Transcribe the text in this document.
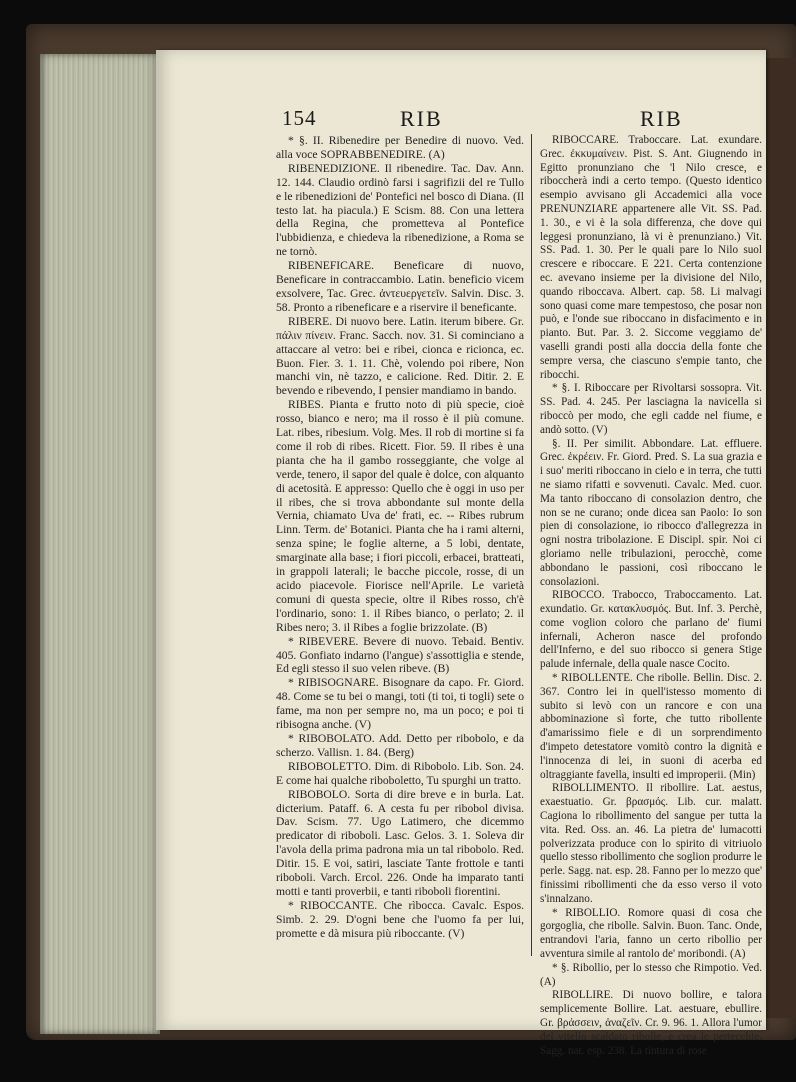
154	RIB	RIB

* §. II. Ribenedire per Benedire di nuovo. Ved. alla voce SOPRABBENEDIRE. (A)

RIBENEDIZIONE. Il ribenedire. Tac. Dav. Ann. 12. 144. Claudio ordinò farsi i sagrifizii del re Tullo e le ribenedizioni de' Pontefici nel bosco di Diana. (Il testo lat. ha piacula.) E Scism. 88. Con una lettera della Regina, che promettevа al Pontefice l'ubbidienza, e chiedeva la ribenedizione, a Roma se ne tornò.

RIBENEFICARE. Beneficare di nuovo, Beneficare in contraccambio. Latin. beneficio vicem exsolvere, Tac. Grec. ἀντευεργετεῖν. Salvin. Disc. 3. 58. Pronto a ribeneficare e a riservire il beneficante.

RIBERE. Di nuovo bere. Latin. iterum bibere. Gr. πάλιν πίνειν. Franc. Sacch. nov. 31. Si cominciano a attaccare al vetro: bei e ribei, cionca e ricionca, ec. Buon. Fier. 3. 1. 11. Chè, volendo poi ribere, Non manchi vin, nè tazzo, e calicione. Red. Ditir. 2. E bevendo e ribevendo, I pensier mandiamo in bando.

RIBES. Pianta e frutto noto di più specie, cioè rosso, bianco e nero; ma il rosso è il più comune. Lat. ribes, ribesium. Volg. Mes. Il rob di mortine si fa come il rob di ribes. Ricett. Fior. 59. Il ribes è una pianta che ha il gambo rosseggiante, che volge al verde, tenero, il sapor del quale è dolce, con alquanto di acetosità. E appresso: Quello che è oggi in uso per il ribes, che si trova abbondante sul monte della Vernia, chiamato Uva de' frati, ec. -- Ribes rubrum Linn. Term. de' Botanici. Pianta che ha i rami alterni, senza spine; le foglie alterne, a 5 lobi, dentate, smarginate alla base; i fiori piccoli, erbacei, bratteati, in grappoli laterali; le bacche piccole, rosse, di un acido piacevole. Fiorisce nell'Aprile. Le varietà comuni di questa specie, oltre il Ribes rosso, ch'è l'ordinario, sono: 1. il Ribes bianco, o perlato; 2. il Ribes nero; 3. il Ribes a foglie brizzolate. (B)

* RIBEVERE. Bevere di nuovo. Tebaid. Bentiv. 405. Gonfiato indarno (l'angue) s'assottiglia e stende, Ed egli stesso il suo velen ribeve. (B)

* RIBISOGNARE. Bisognare da capo. Fr. Giord. 48. Come se tu bei o mangi, toti (ti toi, ti togli) sete o fame, ma non per sempre no, ma un poco; e poi ti ribisogna anche. (V)

* RIBOBOLATO. Add. Detto per ribobolo, e da scherzo. Vallisn. 1. 84. (Berg)

RIBOBOLETTO. Dim. di Ribobolo. Lib. Son. 24. E come hai qualche riboboletto, Tu spurghi un tratto.

RIBOBOLO. Sorta di dire breve e in burla. Lat. dicterium. Pataff. 6. A cesta fu per ribobol divisa. Dav. Scism. 77. Ugo Latimero, che dicemmo predicator di riboboli. Lasc. Gelos. 3. 1. Soleva dir l'avola della prima padrona mia un tal ribobolo. Red. Ditir. 15. E voi, satiri, lasciate Tante frottole e tanti riboboli. Varch. Ercol. 226. Onde ha imparato tanti motti e tanti proverbii, e tanti riboboli fiorentini.

* RIBOCCANTE. Che rìbocca. Cavalc. Espos. Simb. 2. 29. D'ogni bene che l'uomo fa per lui, promette e dà misura più riboccante. (V)

RIBOCCARE. Traboccare. Lat. exundare. Grec. ἐκκυμαίνειν. Pist. S. Ant. Giugnendo in Egitto pronunziano che 'l Nilo cresce, e riboccherà indi a certo tempo. (Questo identico esempio avvisano gli Accademici alla voce PRENUNZIARE appartenere alle Vit. SS. Pad. 1. 30., e vi è la sola differenza, che dove qui leggesi pronunziano, là vi è prenunziano.) Vit. SS. Pad. 1. 30. Per le quali pare lo Nilo suol crescere e riboccare. E 221. Certa contenzione ec. avevano insieme per la divisione del Nilo, quando riboccava. Albert. cap. 58. Li malvagi sono quasi come mare tempestoso, che posar non può, e l'onde sue riboccano in disfacimento e in pianto. But. Par. 3. 2. Siccome veggiamo de' vaselli grandi posti alla doccia della fonte che sempre versa, che ciascuno s'empie tanto, che ribocchi.

* §. I. Riboccare per Rivoltarsi sossopra. Vit. SS. Pad. 4. 245. Per lasciagna la navicella si riboccò per modo, che egli cadde nel fiume, e andò sotto. (V)

§. II. Per similit. Abbondare. Lat. effluere. Grec. ἐκρέειν. Fr. Giord. Pred. S. La sua grazia e i suo' meriti riboccano in cielo e in terra, che tutti ne siamo rifatti e sovvenuti. Cavalc. Med. cuor. Ma tanto riboccano di consolazion dentro, che non se ne curano; onde diceа san Paolo: Io son pien di consolazione, io ribocco d'allegrezza in ogni nostra tribolazione. E Discipl. spir. Noi ci gloriamo nelle tribulazioni, perocchè, come abbondano le passioni, così riboccano le consolazioni.

RIBOCCO. Trabocco, Traboccamento. Lat. exundatio. Gr. κατακλυσμός. But. Inf. 3. Perchè, come voglion coloro che parlano de' fiumi infernali, Acheron nasce del profondo dell'Inferno, e del suo ribocco si genera Stige palude infernale, della quale nasce Cocito.

* RIBOLLENTE. Che ribolle. Bellin. Disc. 2. 367. Contro lei in quell'istesso momento di subito si levò con un rancore e con una abbominazione sì forte, che tutto ribollente d'amarissimo fiele e di un sorprendimento d'impeto detestatore vomitò contro la dignità e l'innocenza di lei, in suoni di acerba ed oltraggiante favella, insulti ed improperii. (Min)

RIBOLLIMENTO. Il ribollire. Lat. aestus, exaestuatio. Gr. βρασμός. Lib. cur. malatt. Cagiona lo ribollimento del sangue per tutta la vita. Red. Oss. an. 46. La pietra de' lumacotti polverizzata produce con lo spirito di vitriuolo quello stesso ribollimento che soglion produrre le perle. Sagg. nat. esp. 28. Fanno per lo mezzo que' finissimi ribollimenti che da esso verso il voto s'innalzano.

* RIBOLLIO. Romore quasi di cosa che gorgoglia, che ribolle. Salvin. Buon. Tanc. Onde, entrandovi l'aria, fanno un certo ribollio per avventura simile al rantolo de' moribondi. (A)

* §. Ribollio, per lo stesso che Rimpotio. Ved. (A)

RIBOLLIRE. Di nuovo bollire, e talora semplicemente Bollire. Lat. aestuare, ebullire. Gr. βράσσειν, ἀναζεῖν. Cr. 9. 96. 1. Allora l'umor del vitello scaldato ribolle, e crea le pertecchie. Sagg. nat. esp. 238. La tintura di rose
